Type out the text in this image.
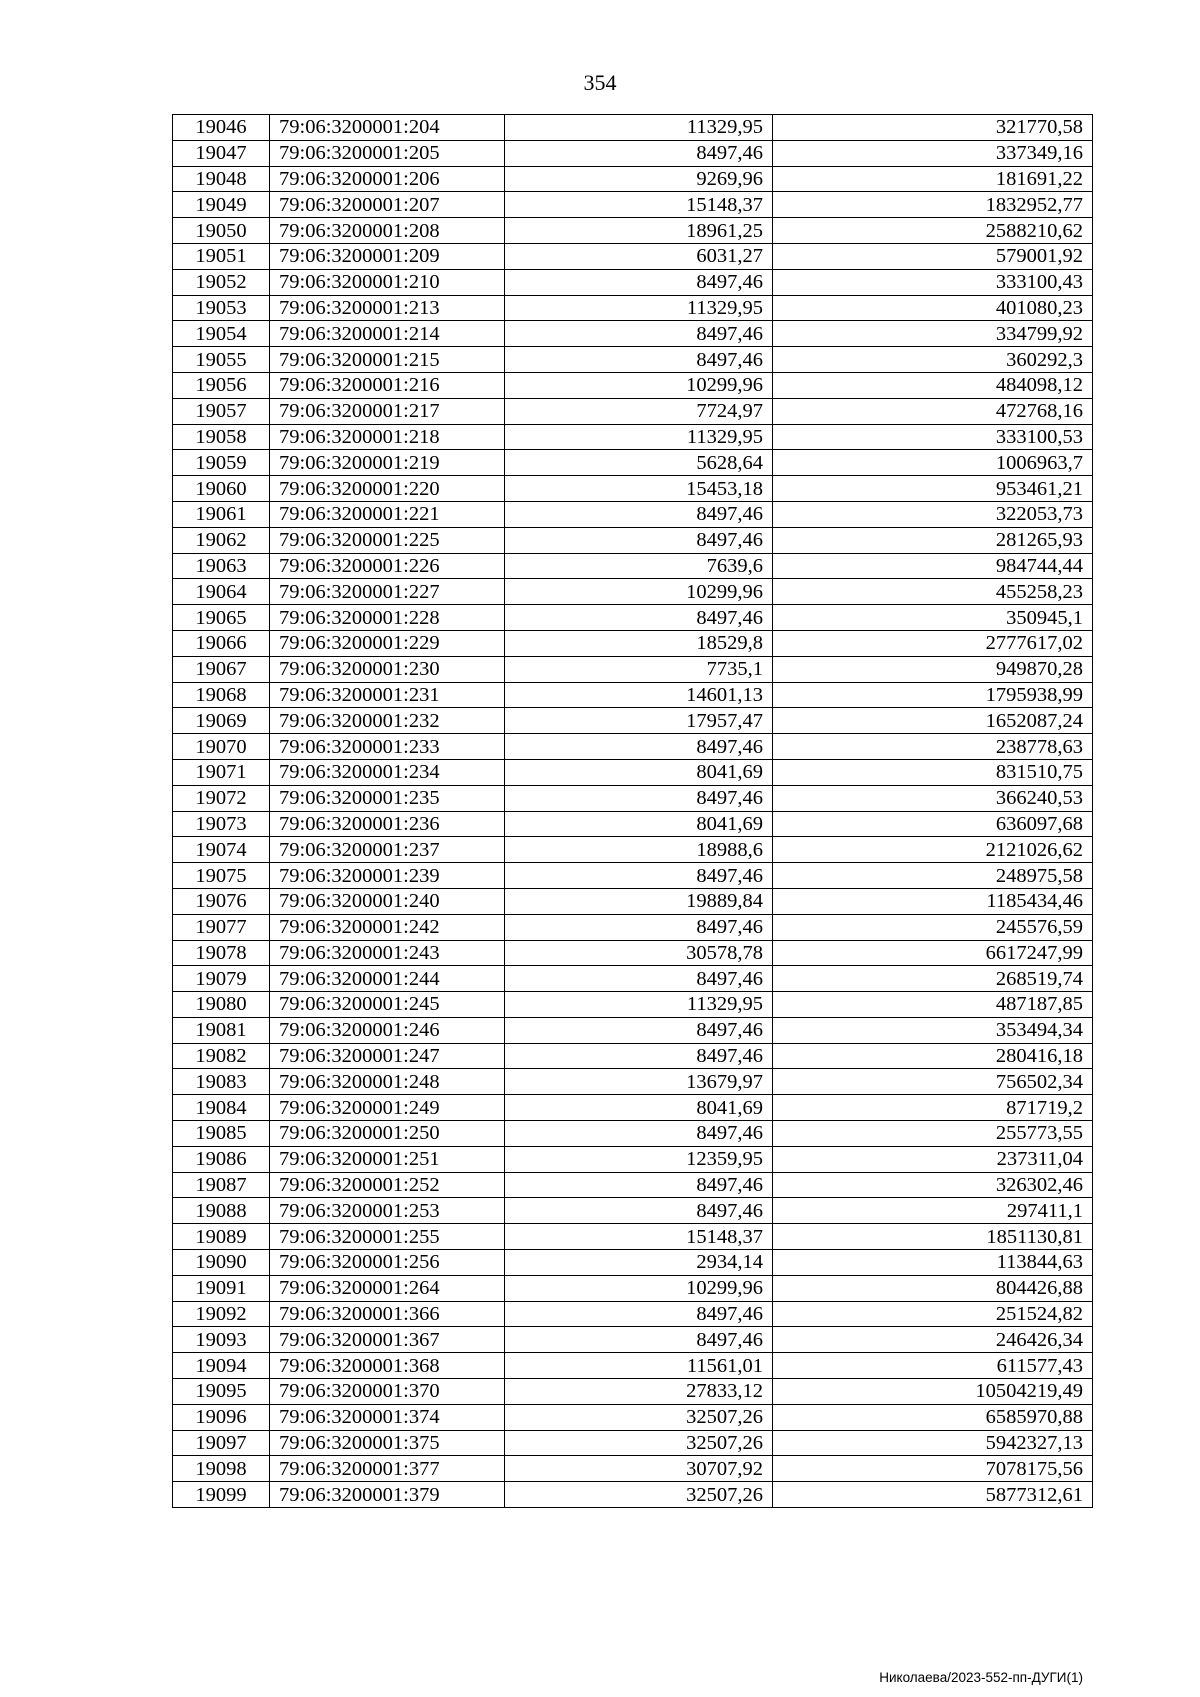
354
19046	79:06:3200001:204	11329,95	321770,58
19047	79:06:3200001:205	8497,46	337349,16
19048	79:06:3200001:206	9269,96	181691,22
19049	79:06:3200001:207	15148,37	1832952,77
19050	79:06:3200001:208	18961,25	2588210,62
19051	79:06:3200001:209	6031,27	579001,92
19052	79:06:3200001:210	8497,46	333100,43
19053	79:06:3200001:213	11329,95	401080,23
19054	79:06:3200001:214	8497,46	334799,92
19055	79:06:3200001:215	8497,46	360292,3
19056	79:06:3200001:216	10299,96	484098,12
19057	79:06:3200001:217	7724,97	472768,16
19058	79:06:3200001:218	11329,95	333100,53
19059	79:06:3200001:219	5628,64	1006963,7
19060	79:06:3200001:220	15453,18	953461,21
19061	79:06:3200001:221	8497,46	322053,73
19062	79:06:3200001:225	8497,46	281265,93
19063	79:06:3200001:226	7639,6	984744,44
19064	79:06:3200001:227	10299,96	455258,23
19065	79:06:3200001:228	8497,46	350945,1
19066	79:06:3200001:229	18529,8	2777617,02
19067	79:06:3200001:230	7735,1	949870,28
19068	79:06:3200001:231	14601,13	1795938,99
19069	79:06:3200001:232	17957,47	1652087,24
19070	79:06:3200001:233	8497,46	238778,63
19071	79:06:3200001:234	8041,69	831510,75
19072	79:06:3200001:235	8497,46	366240,53
19073	79:06:3200001:236	8041,69	636097,68
19074	79:06:3200001:237	18988,6	2121026,62
19075	79:06:3200001:239	8497,46	248975,58
19076	79:06:3200001:240	19889,84	1185434,46
19077	79:06:3200001:242	8497,46	245576,59
19078	79:06:3200001:243	30578,78	6617247,99
19079	79:06:3200001:244	8497,46	268519,74
19080	79:06:3200001:245	11329,95	487187,85
19081	79:06:3200001:246	8497,46	353494,34
19082	79:06:3200001:247	8497,46	280416,18
19083	79:06:3200001:248	13679,97	756502,34
19084	79:06:3200001:249	8041,69	871719,2
19085	79:06:3200001:250	8497,46	255773,55
19086	79:06:3200001:251	12359,95	237311,04
19087	79:06:3200001:252	8497,46	326302,46
19088	79:06:3200001:253	8497,46	297411,1
19089	79:06:3200001:255	15148,37	1851130,81
19090	79:06:3200001:256	2934,14	113844,63
19091	79:06:3200001:264	10299,96	804426,88
19092	79:06:3200001:366	8497,46	251524,82
19093	79:06:3200001:367	8497,46	246426,34
19094	79:06:3200001:368	11561,01	611577,43
19095	79:06:3200001:370	27833,12	10504219,49
19096	79:06:3200001:374	32507,26	6585970,88
19097	79:06:3200001:375	32507,26	5942327,13
19098	79:06:3200001:377	30707,92	7078175,56
19099	79:06:3200001:379	32507,26	5877312,61
Николаева/2023-552-пп-ДУГИ(1)
